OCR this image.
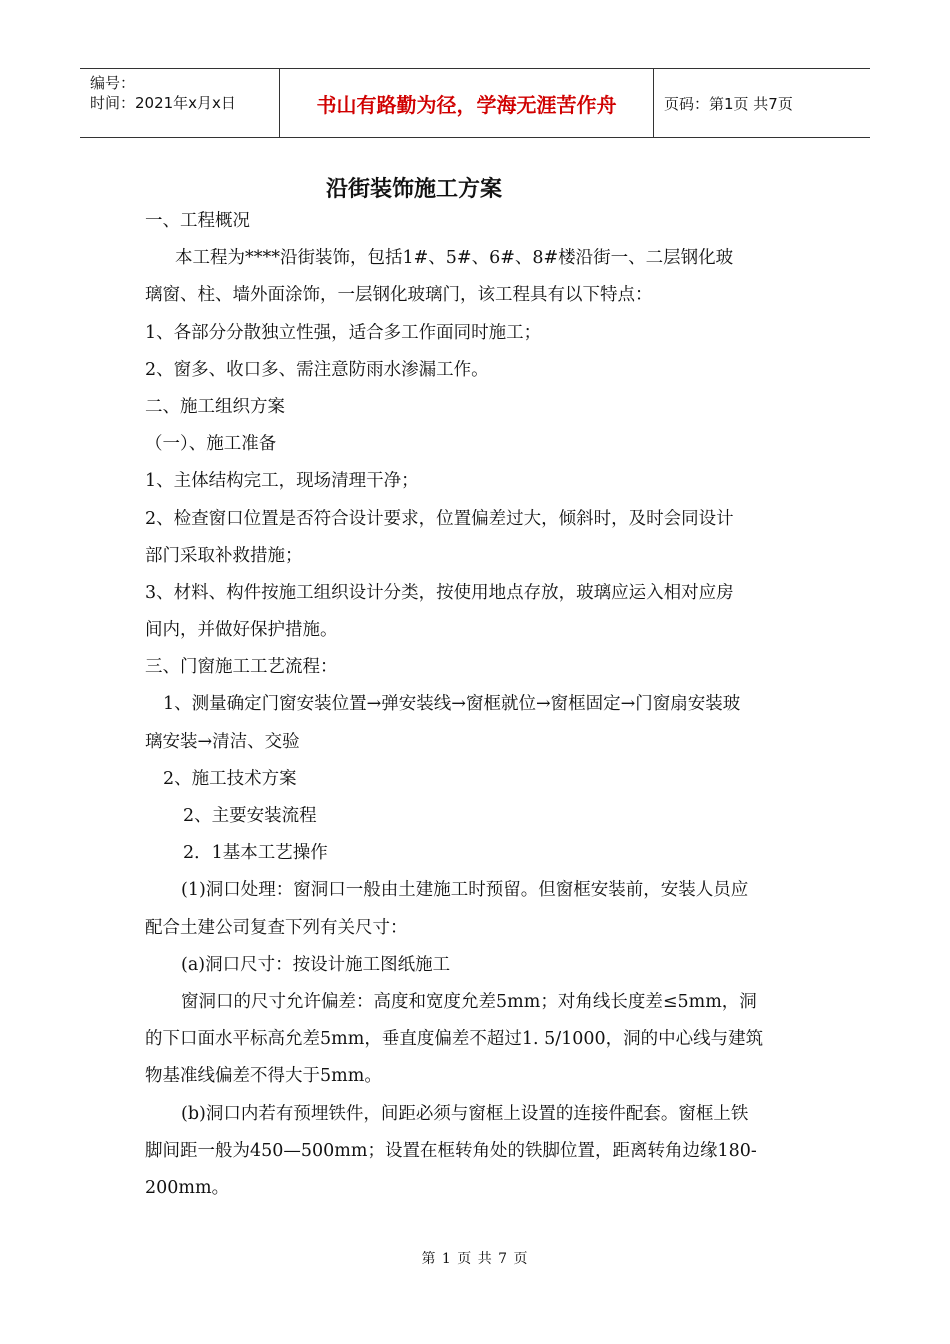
编号：
时间：2021年x月x日	书山有路勤为径，学海无涯苦作舟	页码：第1页 共7页
沿街装饰施工方案
一、工程概况
本工程为****沿街装饰，包括1#、5#、6#、8#楼沿街一、二层钢化玻
璃窗、柱、墙外面涂饰，一层钢化玻璃门，该工程具有以下特点：
1、各部分分散独立性强，适合多工作面同时施工；
2、窗多、收口多、需注意防雨水渗漏工作。
二、施工组织方案
（一）、施工准备
1、主体结构完工，现场清理干净；
2、检查窗口位置是否符合设计要求，位置偏差过大，倾斜时，及时会同设计
部门采取补救措施；
3、材料、构件按施工组织设计分类，按使用地点存放，玻璃应运入相对应房
间内，并做好保护措施。
三、门窗施工工艺流程：
1、测量确定门窗安装位置→弹安装线→窗框就位→窗框固定→门窗扇安装玻
璃安装→清洁、交验
2、施工技术方案
2、主要安装流程
2．1基本工艺操作
(1)洞口处理：窗洞口一般由土建施工时预留。但窗框安装前，安装人员应
配合土建公司复查下列有关尺寸：
(a)洞口尺寸：按设计施工图纸施工
窗洞口的尺寸允许偏差：高度和宽度允差5mm；对角线长度差≤5mm，洞
的下口面水平标高允差5mm，垂直度偏差不超过1. 5/1000，洞的中心线与建筑
物基准线偏差不得大于5mm。
(b)洞口内若有预埋铁件，间距必须与窗框上设置的连接件配套。窗框上铁
脚间距一般为450—500mm；设置在框转角处的铁脚位置，距离转角边缘180-
200mm。
第 1 页 共 7 页
